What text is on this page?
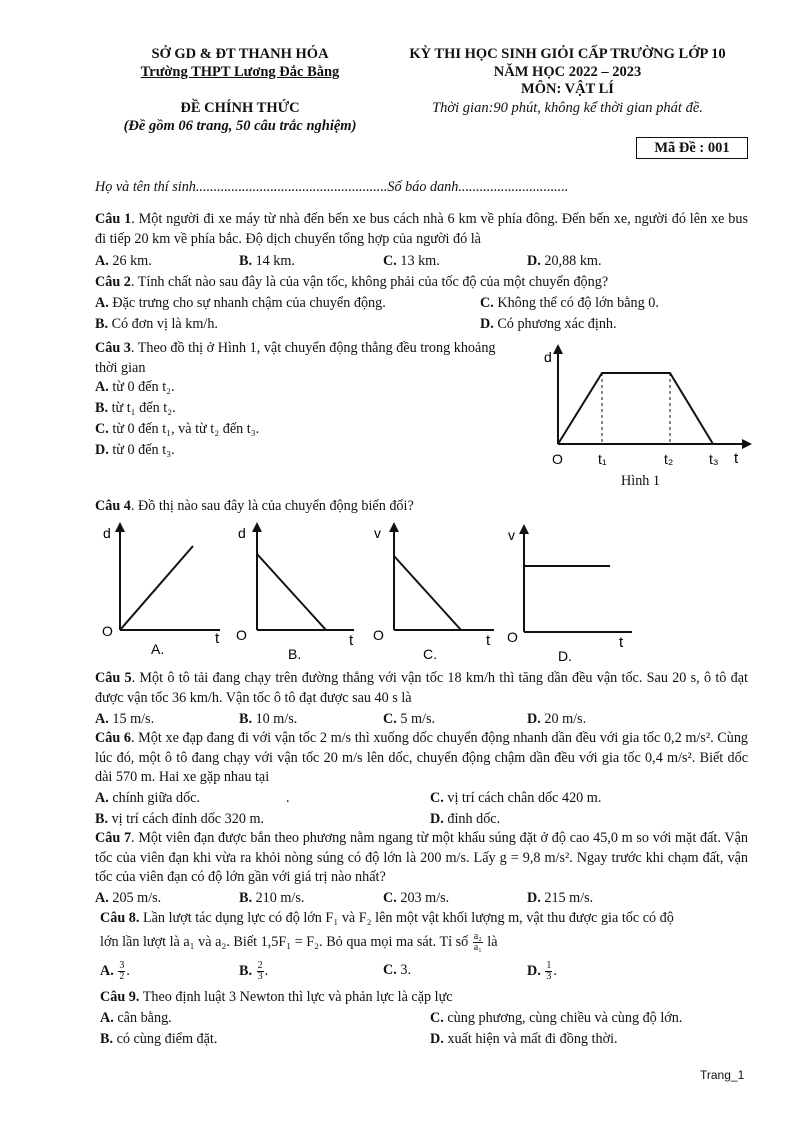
SỞ GD & ĐT THANH HÓA
Trường THPT Lương Đắc Bằng
ĐỀ CHÍNH THỨC
(Đề gồm 06 trang, 50 câu trắc nghiệm)
KỲ THI HỌC SINH GIỎI CẤP TRƯỜNG LỚP 10
NĂM HỌC 2022 – 2023
MÔN: VẬT LÍ
Thời gian:90 phút, không kể thời gian phát đề.
Mã Đề : 001
Họ và tên thí sinh......................................................Số báo danh...............................
Câu 1. Một người đi xe máy từ nhà đến bến xe bus cách nhà 6 km về phía đông. Đến bến xe, người đó lên xe bus đi tiếp 20 km về phía bắc. Độ dịch chuyển tổng hợp của người đó là
A. 26 km.	B. 14 km.	C. 13 km.	D. 20,88 km.
Câu 2. Tính chất nào sau đây là của vận tốc, không phải của tốc độ của một chuyển động?
A. Đặc trưng cho sự nhanh chậm của chuyển động.	C. Không thể có độ lớn bằng 0.
B. Có đơn vị là km/h.	D. Có phương xác định.
Câu 3. Theo đồ thị ở Hình 1, vật chuyển động thẳng đều trong khoảng thời gian
A. từ 0 đến t₂.
B. từ t₁ đến t₂.
C. từ 0 đến t₁, và từ t₂ đến t₃.
D. từ 0 đến t₃.
d
O	t₁	t₂	t₃ t
Hình 1
Câu 4. Đồ thị nào sau đây là của chuyển động biến đổi?
d
O	t
A.
d
O	t
B.
v
O	t
C.
v
O	t
D.
Câu 5. Một ô tô tải đang chạy trên đường thẳng với vận tốc 18 km/h thì tăng dần đều vận tốc. Sau 20 s, ô tô đạt được vận tốc 36 km/h. Vận tốc ô tô đạt được sau 40 s là
A. 15 m/s.	B. 10 m/s.	C. 5 m/s.	D. 20 m/s.
Câu 6. Một xe đạp đang đi với vận tốc 2 m/s thì xuống dốc chuyển động nhanh dần đều với gia tốc 0,2 m/s². Cùng lúc đó, một ô tô đang chạy với vận tốc 20 m/s lên dốc, chuyển động chậm dần đều với gia tốc 0,4 m/s². Biết dốc dài 570 m. Hai xe gặp nhau tại
A. chính giữa dốc.	.	C. vị trí cách chân dốc 420 m.
B. vị trí cách đỉnh dốc 320 m.	D. đỉnh dốc.
Câu 7. Một viên đạn được bắn theo phương nằm ngang từ một khẩu súng đặt ở độ cao 45,0 m so với mặt đất. Vận tốc của viên đạn khi vừa ra khỏi nòng súng có độ lớn là 200 m/s. Lấy g = 9,8 m/s². Ngay trước khi chạm đất, vận tốc của viên đạn có độ lớn gần với giá trị nào nhất?
A. 205 m/s.	B. 210 m/s.	C. 203 m/s.	D. 215 m/s.
Câu 8. Lần lượt tác dụng lực có độ lớn F₁ và F₂ lên một vật khối lượng m, vật thu được gia tốc có độ
lớn lần lượt là a₁ và a₂. Biết 1,5F₁ = F₂. Bỏ qua mọi ma sát. Tỉ số $\frac{\text{a₂}}{\text{a₁}}$ là
A. $\frac{3}{2}$ .	B. $\frac{2}{3}$ .	C. 3.	D. $\frac{1}{3}$ .
Câu 9. Theo định luật 3 Newton thì lực và phản lực là cặp lực
A. cân bằng.	C. cùng phương, cùng chiều và cùng độ lớn.
B. có cùng điểm đặt.	D. xuất hiện và mất đi đồng thời.
Trang_1
